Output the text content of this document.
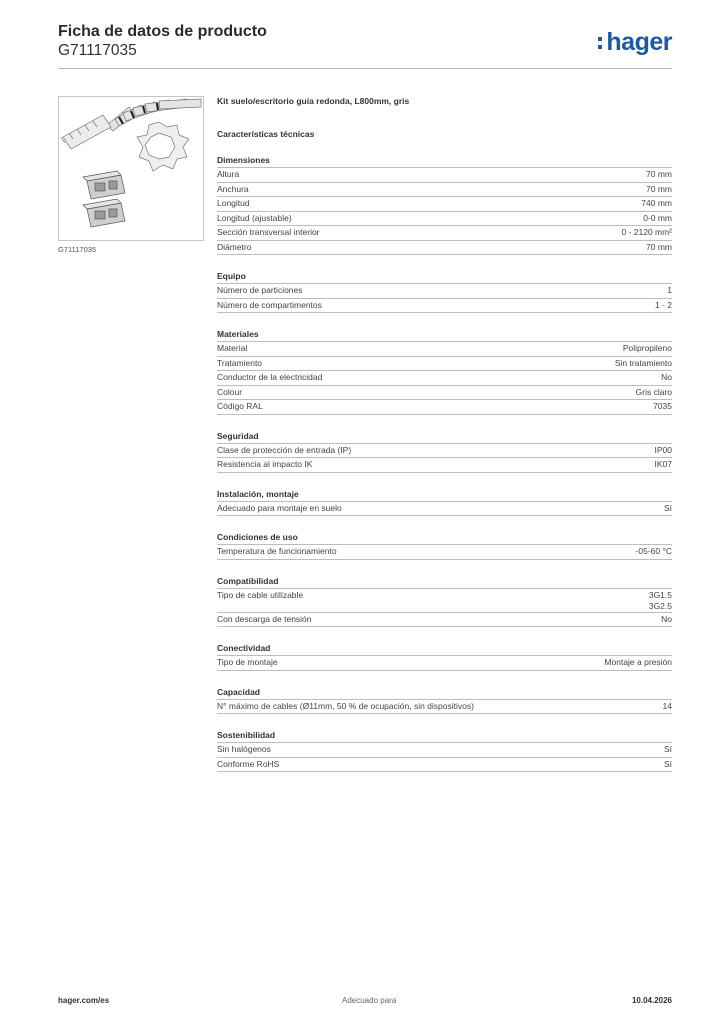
Ficha de datos de producto
G71117035	hager
G71117035
Kit suelo/escritorio guía redonda, L800mm, gris
Características técnicas
Dimensiones
Altura	70 mm
Anchura	70 mm
Longitud	740 mm
Longitud (ajustable)	0-0 mm
Sección transversal interior	0 - 2120 mm²
Diámetro	70 mm
Equipo
Número de particiones	1
Número de compartimentos	1 - 2
Materiales
Material	Polipropileno
Tratamiento	Sin tratamiento
Conductor de la electricidad	No
Colour	Gris claro
Código RAL	7035
Seguridad
Clase de protección de entrada (IP)	IP00
Resistencia al impacto IK	IK07
Instalación, montaje
Adecuado para montaje en suelo	Sí
Condiciones de uso
Temperatura de funcionamiento	-05-60 °C
Compatibilidad
Tipo de cable utilizable	3G1.5
3G2.5
Con descarga de tensión	No
Conectividad
Tipo de montaje	Montaje a presión
Capacidad
N° máximo de cables (Ø11mm, 50 % de ocupación, sin dispositivos)	14
Sostenibilidad
Sin halógenos	Sí
Conforme RoHS	Sí
hager.com/es	Adecuado para	10.04.2026
